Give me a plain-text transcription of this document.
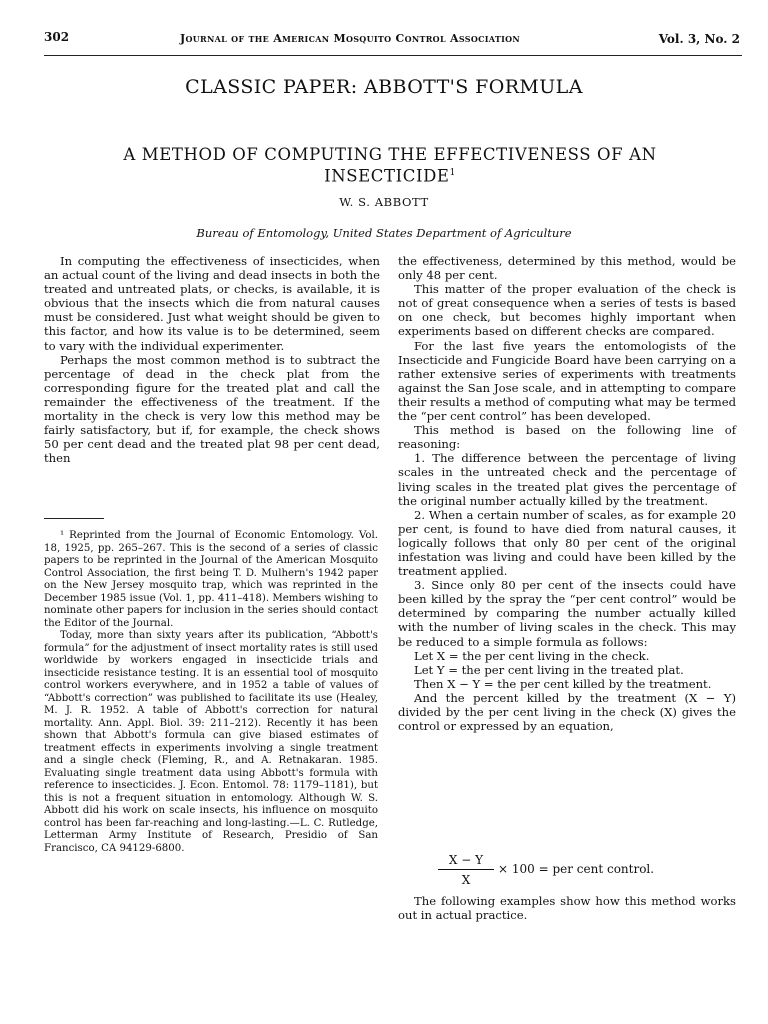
302	Journal of the American Mosquito Control Association	Vol. 3, No. 2
CLASSIC PAPER: ABBOTT'S FORMULA
A METHOD OF COMPUTING THE EFFECTIVENESS OF AN INSECTICIDE$^1$
W. S. ABBOTT
Bureau of Entomology, United States Department of Agriculture

In computing the effectiveness of insecticides, when an actual count of the living and dead insects in both the treated and untreated plats, or checks, is available, it is obvious that the insects which die from natural causes must be considered. Just what weight should be given to this factor, and how its value is to be determined, seem to vary with the individual experimenter.

Perhaps the most common method is to subtract the percentage of dead in the check plat from the corresponding figure for the treated plat and call the remainder the effectiveness of the treatment. If the mortality in the check is very low this method may be fairly satisfactory, but if, for example, the check shows 50 per cent dead and the treated plat 98 per cent dead, then

¹ Reprinted from the Journal of Economic Entomology. Vol. 18, 1925, pp. 265–267. This is the second of a series of classic papers to be reprinted in the Journal of the American Mosquito Control Association, the first being T. D. Mulhern's 1942 paper on the New Jersey mosquito trap, which was reprinted in the December 1985 issue (Vol. 1, pp. 411–418). Members wishing to nominate other papers for inclusion in the series should contact the Editor of the Journal.

Today, more than sixty years after its publication, “Abbott's formula” for the adjustment of insect mortality rates is still used worldwide by workers engaged in insecticide trials and insecticide resistance testing. It is an essential tool of mosquito control workers everywhere, and in 1952 a table of values of “Abbott's correction” was published to facilitate its use (Healey, M. J. R. 1952. A table of Abbott's correction for natural mortality. Ann. Appl. Biol. 39: 211–212). Recently it has been shown that Abbott's formula can give biased estimates of treatment effects in experiments involving a single treatment and a single check (Fleming, R., and A. Retnakaran. 1985. Evaluating single treatment data using Abbott's formula with reference to insecticides. J. Econ. Entomol. 78: 1179–1181), but this is not a frequent situation in entomology. Although W. S. Abbott did his work on scale insects, his influence on mosquito control has been far-reaching and long-lasting.—L. C. Rutledge, Letterman Army Institute of Research, Presidio of San Francisco, CA 94129-6800.

the effectiveness, determined by this method, would be only 48 per cent.

This matter of the proper evaluation of the check is not of great consequence when a series of tests is based on one check, but becomes highly important when experiments based on different checks are compared.

For the last five years the entomologists of the Insecticide and Fungicide Board have been carrying on a rather extensive series of experiments with treatments against the San Jose scale, and in attempting to compare their results a method of computing what may be termed the “per cent control” has been developed.

This method is based on the following line of reasoning:

1. The difference between the percentage of living scales in the untreated check and the percentage of living scales in the treated plat gives the percentage of the original number actually killed by the treatment.

2. When a certain number of scales, as for example 20 per cent, is found to have died from natural causes, it logically follows that only 80 per cent of the original infestation was living and could have been killed by the treatment applied.

3. Since only 80 per cent of the insects could have been killed by the spray the “per cent control” would be determined by comparing the number actually killed with the number of living scales in the check. This may be reduced to a simple formula as follows:

Let X = the per cent living in the check.

Let Y = the per cent living in the treated plat.

Then X − Y = the per cent killed by the treatment.

And the percent killed by the treatment (X − Y) divided by the per cent living in the check (X) gives the control or expressed by an equation,

X − Y
X
× 100 = per cent control.

The following examples show how this method works out in actual practice.
